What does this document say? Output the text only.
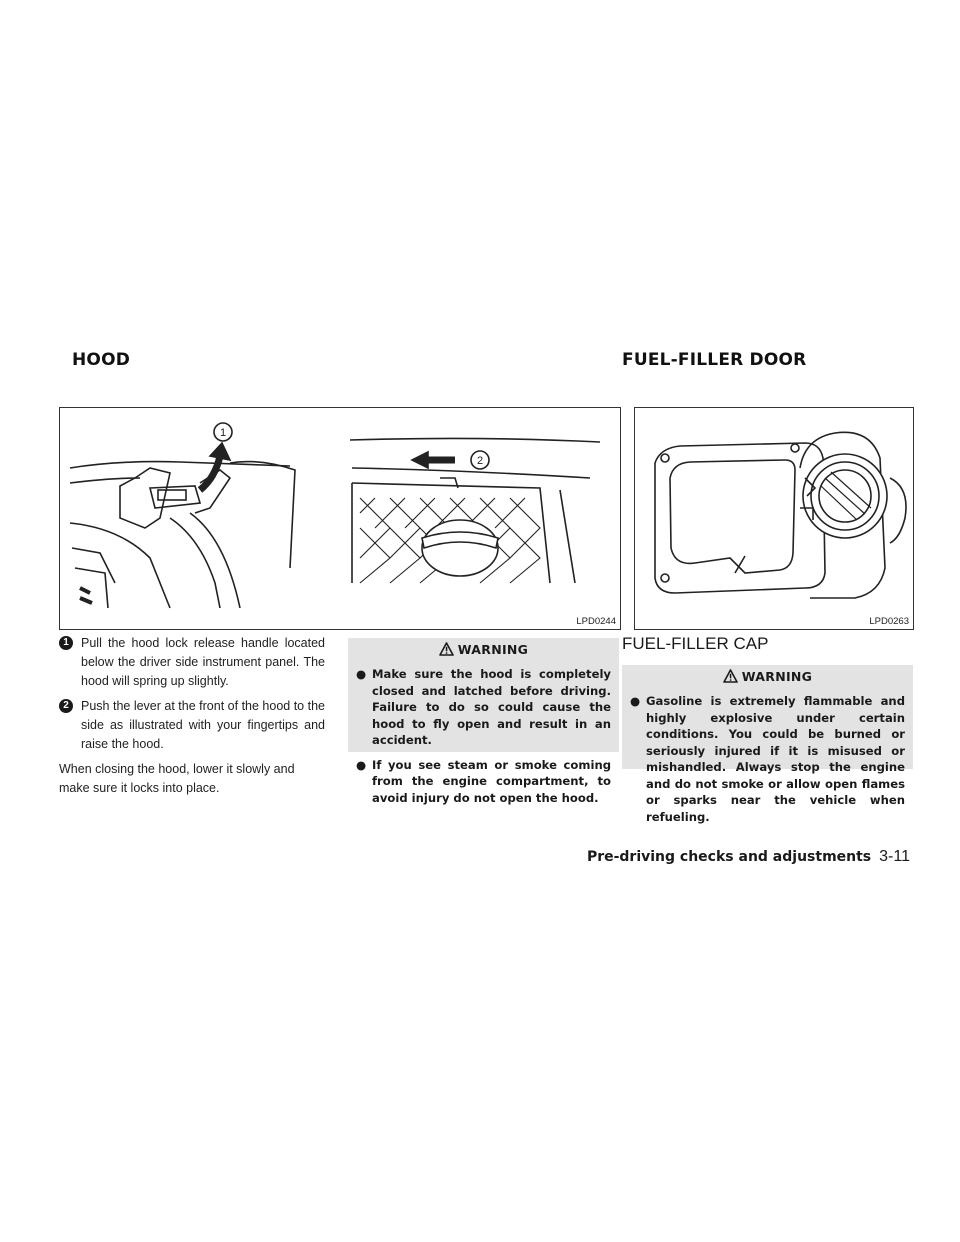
HOOD	FUEL-FILLER DOOR
1
2
LPD0244	LPD0263
1 Pull the hood lock release handle located below the driver side instrument panel. The hood will spring up slightly.
2 Push the lever at the front of the hood to the side as illustrated with your fingertips and raise the hood.
When closing the hood, lower it slowly and make sure it locks into place.
WARNING
● Make sure the hood is completely closed and latched before driving. Failure to do so could cause the hood to fly open and result in an accident.
● If you see steam or smoke coming from the engine compartment, to avoid injury do not open the hood.
FUEL-FILLER CAP
WARNING
● Gasoline is extremely flammable and highly explosive under certain conditions. You could be burned or seriously injured if it is misused or mishandled. Always stop the engine and do not smoke or allow open flames or sparks near the vehicle when refueling.
Pre-driving checks and adjustments 3-11
